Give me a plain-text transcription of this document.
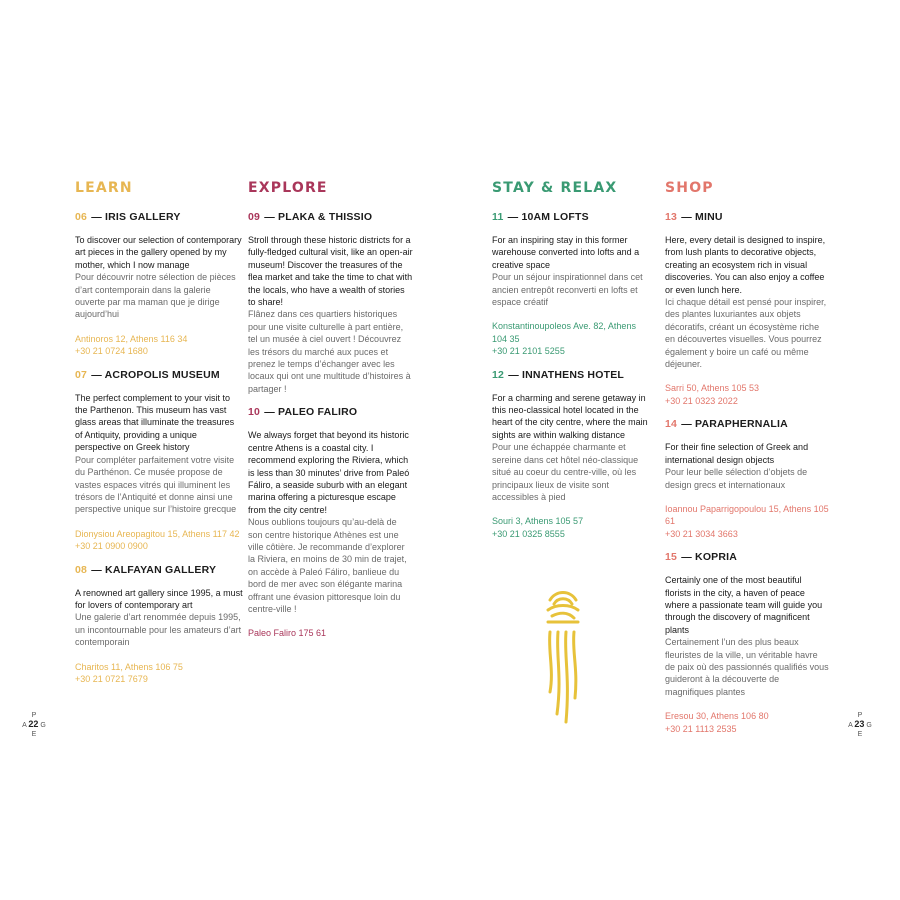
LEARN

06 — IRIS GALLERY

To discover our selection of contemporary art pieces in the gallery opened by my mother, which I now manage

Pour découvrir notre sélection de pièces d’art contemporain dans la galerie ouverte par ma maman que je dirige aujourd’hui

Antinoros 12, Athens 116 34

+30 21 0724 1680

07 — ACROPOLIS MUSEUM

The perfect complement to your visit to the Parthenon. This museum has vast glass areas that illuminate the treasures of Antiquity, providing a unique perspective on Greek history

Pour compléter parfaitement votre visite du Parthénon. Ce musée propose de vastes espaces vitrés qui illuminent les trésors de l’Antiquité et donne ainsi une perspective unique sur l’histoire grecque

Dionysiou Areopagitou 15, Athens 117 42

+30 21 0900 0900

08 — KALFAYAN GALLERY

A renowned art gallery since 1995, a must for lovers of contemporary art

Une galerie d’art renommée depuis 1995, un incontournable pour les amateurs d’art contemporain

Charitos 11, Athens 106 75

+30 21 0721 7679

EXPLORE

09 — PLAKA & THISSIO

Stroll through these historic districts for a fully-fledged cultural visit, like an open-air museum! Discover the treasures of the flea market and take the time to chat with the locals, who have a wealth of stories to share!

Flânez dans ces quartiers historiques pour une visite culturelle à part entière, tel un musée à ciel ouvert ! Découvrez les trésors du marché aux puces et prenez le temps d’échanger avec les locaux qui ont une multitude d’histoires à partager !

10 — PALEO FALIRO

We always forget that beyond its historic centre Athens is a coastal city. I recommend exploring the Riviera, which is less than 30 minutes’ drive from Paleó Fáliro, a seaside suburb with an elegant marina offering a picturesque escape from the city centre!

Nous oublions toujours qu’au-delà de son centre historique Athènes est une ville côtière. Je recommande d’explorer la Riviera, en moins de 30 min de trajet, on accède à Paleó Fáliro, banlieue du bord de mer avec son élégante marina offrant une évasion pittoresque loin du centre-ville !

Paleo Faliro 175 61

STAY & RELAX

11 — 10AM LOFTS

For an inspiring stay in this former warehouse converted into lofts and a creative space

Pour un séjour inspirationnel dans cet ancien entrepôt reconverti en lofts et espace créatif

Konstantinoupoleos Ave. 82, Athens 104 35

+30 21 2101 5255

12 — INNATHENS HOTEL

For a charming and serene getaway in this neo-classical hotel located in the heart of the city centre, where the main sights are within walking distance

Pour une échappée charmante et sereine dans cet hôtel néo-classique situé au coeur du centre-ville, où les principaux lieux de visite sont accessibles à pied

Souri 3, Athens 105 57

+30 21 0325 8555

SHOP

13 — MINU

Here, every detail is designed to inspire, from lush plants to decorative objects, creating an ecosystem rich in visual discoveries. You can also enjoy a coffee or even lunch here.

Ici chaque détail est pensé pour inspirer, des plantes luxuriantes aux objets décoratifs, créant un écosystème riche en découvertes visuelles. Vous pourrez également y boire un café ou même déjeuner.

Sarri 50, Athens 105 53

+30 21 0323 2022

14 — PARAPHERNALIA

For their fine selection of Greek and international design objects

Pour leur belle sélection d’objets de design grecs et internationaux

Ioannou Paparrigopoulou 15, Athens 105 61

+30 21 3034 3663

15 — KOPRIA

Certainly one of the most beautiful florists in the city, a haven of peace where a passionate team will guide you through the discovery of magnificent plants

Certainement l’un des plus beaux fleuristes de la ville, un véritable havre de paix où des passionnés qualifiés vous guideront à la découverte de magnifiques plantes

Eresou 30, Athens 106 80

+30 21 1113 2535

P
A 22 G
E
P
A 23 G
E
